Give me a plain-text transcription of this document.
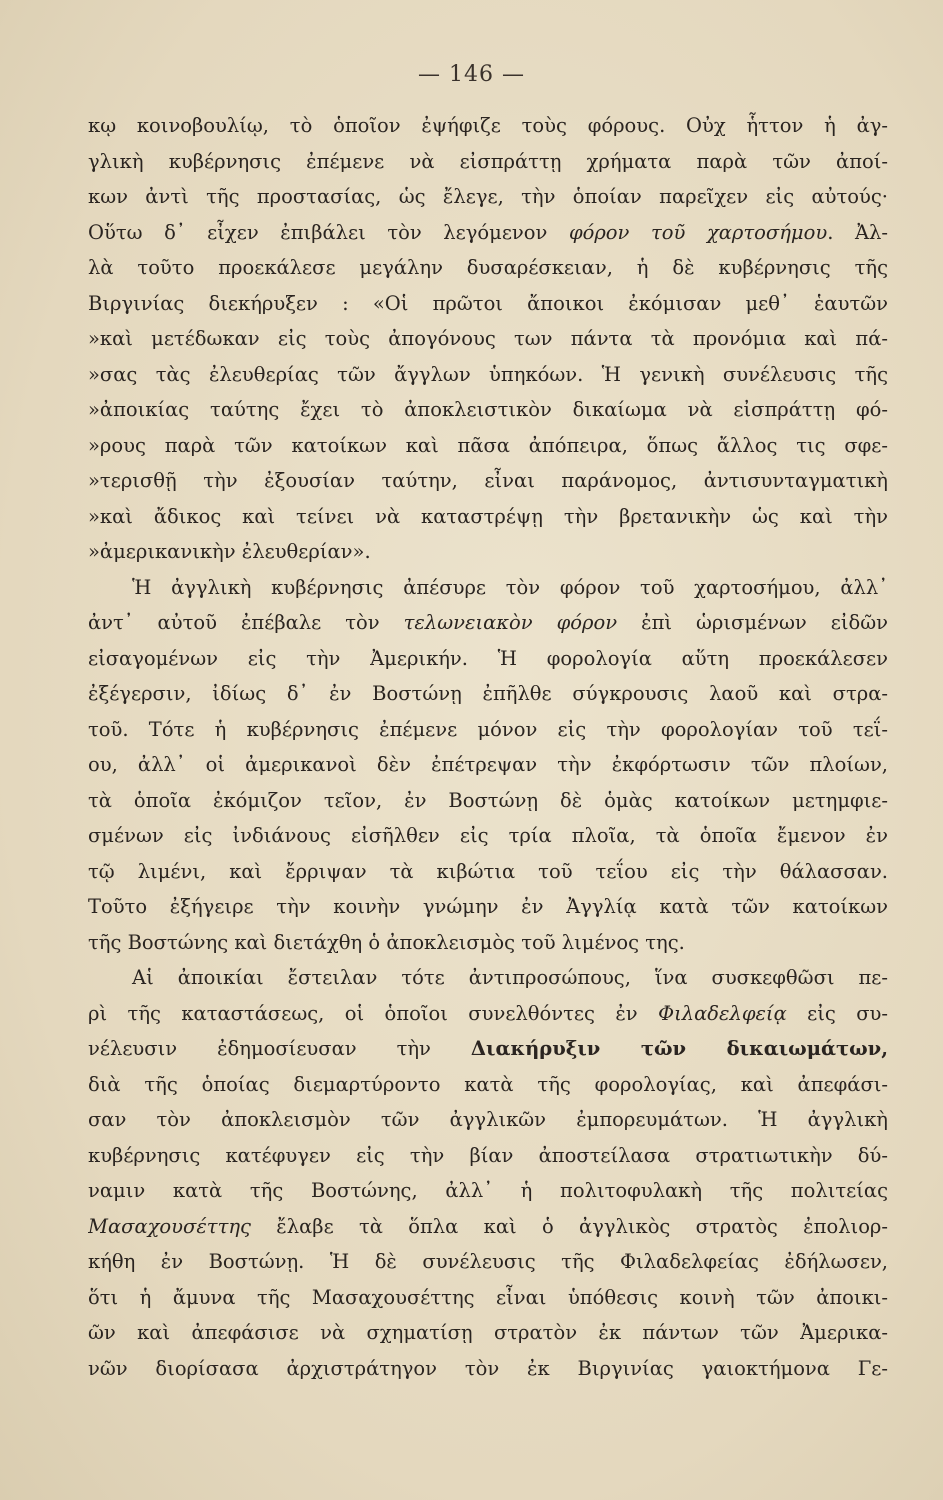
— 146 —
κῳ κοινοβουλίῳ, τὸ ὁποῖον ἐψήφιζε τοὺς φόρους. Οὐχ ἧττον ἡ ἀγ-
γλικὴ κυβέρνησις ἐπέμενε νὰ εἰσπράττῃ χρήματα παρὰ τῶν ἀποί-
κων ἀντὶ τῆς προστασίας, ὡς ἔλεγε, τὴν ὁποίαν παρεῖχεν εἰς αὐτούς·
Οὕτω δ᾽ εἶχεν ἐπιβάλει τὸν λεγόμενον φόρον τοῦ χαρτοσήμου. Ἀλ-
λὰ τοῦτο προεκάλεσε μεγάλην δυσαρέσκειαν, ἡ δὲ κυβέρνησις τῆς
Βιργινίας διεκήρυξεν : «Οἱ πρῶτοι ἄποικοι ἐκόμισαν μεθ᾽ ἑαυτῶν
»καὶ μετέδωκαν εἰς τοὺς ἀπογόνους των πάντα τὰ προνόμια καὶ πά-
»σας τὰς ἐλευθερίας τῶν ἄγγλων ὑπηκόων. Ἡ γενικὴ συνέλευσις τῆς
»ἀποικίας ταύτης ἔχει τὸ ἀποκλειστικὸν δικαίωμα νὰ εἰσπράττῃ φό-
»ρους παρὰ τῶν κατοίκων καὶ πᾶσα ἀπόπειρα, ὅπως ἄλλος τις σφε-
»τερισθῇ τὴν ἐξουσίαν ταύτην, εἶναι παράνομος, ἀντισυνταγματικὴ
»καὶ ἄδικος καὶ τείνει νὰ καταστρέψῃ τὴν βρετανικὴν ὡς καὶ τὴν
»ἀμερικανικὴν ἐλευθερίαν».
Ἡ ἀγγλικὴ κυβέρνησις ἀπέσυρε τὸν φόρον τοῦ χαρτοσήμου, ἀλλ᾽
ἀντ᾽ αὐτοῦ ἐπέβαλε τὸν τελωνειακὸν φόρον ἐπὶ ὡρισμένων εἰδῶν
εἰσαγομένων εἰς τὴν Ἀμερικήν. Ἡ φορολογία αὕτη προεκάλεσεν
ἐξέγερσιν, ἰδίως δ᾽ ἐν Βοστώνῃ ἐπῆλθε σύγκρουσις λαοῦ καὶ στρα-
τοῦ. Τότε ἡ κυβέρνησις ἐπέμενε μόνον εἰς τὴν φορολογίαν τοῦ τεΐ-
ου, ἀλλ᾽ οἱ ἀμερικανοὶ δὲν ἐπέτρεψαν τὴν ἐκφόρτωσιν τῶν πλοίων,
τὰ ὁποῖα ἐκόμιζον τεῖον, ἐν Βοστώνῃ δὲ ὁμὰς κατοίκων μετημφιε-
σμένων εἰς ἰνδιάνους εἰσῆλθεν εἰς τρία πλοῖα, τὰ ὁποῖα ἔμενον ἐν
τῷ λιμένι, καὶ ἔρριψαν τὰ κιβώτια τοῦ τεΐου εἰς τὴν θάλασσαν.
Τοῦτο ἐξήγειρε τὴν κοινὴν γνώμην ἐν Ἀγγλίᾳ κατὰ τῶν κατοίκων
τῆς Βοστώνης καὶ διετάχθη ὁ ἀποκλεισμὸς τοῦ λιμένος της.
Αἱ ἀποικίαι ἔστειλαν τότε ἀντιπροσώπους, ἵνα συσκεφθῶσι πε-
ρὶ τῆς καταστάσεως, οἱ ὁποῖοι συνελθόντες ἐν Φιλαδελφείᾳ εἰς συ-
νέλευσιν ἐδημοσίευσαν τὴν Διακήρυξιν τῶν δικαιωμάτων,
διὰ τῆς ὁποίας διεμαρτύροντο κατὰ τῆς φορολογίας, καὶ ἀπεφάσι-
σαν τὸν ἀποκλεισμὸν τῶν ἀγγλικῶν ἐμπορευμάτων. Ἡ ἀγγλικὴ
κυβέρνησις κατέφυγεν εἰς τὴν βίαν ἀποστείλασα στρατιωτικὴν δύ-
ναμιν κατὰ τῆς Βοστώνης, ἀλλ᾽ ἡ πολιτοφυλακὴ τῆς πολιτείας
Μασαχουσέττης ἔλαβε τὰ ὅπλα καὶ ὁ ἀγγλικὸς στρατὸς ἐπολιορ-
κήθη ἐν Βοστώνῃ. Ἡ δὲ συνέλευσις τῆς Φιλαδελφείας ἐδήλωσεν,
ὅτι ἡ ἄμυνα τῆς Μασαχουσέττης εἶναι ὑπόθεσις κοινὴ τῶν ἀποικι-
ῶν καὶ ἀπεφάσισε νὰ σχηματίσῃ στρατὸν ἐκ πάντων τῶν Ἀμερικα-
νῶν διορίσασα ἀρχιστράτηγον τὸν ἐκ Βιργινίας γαιοκτήμονα Γε-
